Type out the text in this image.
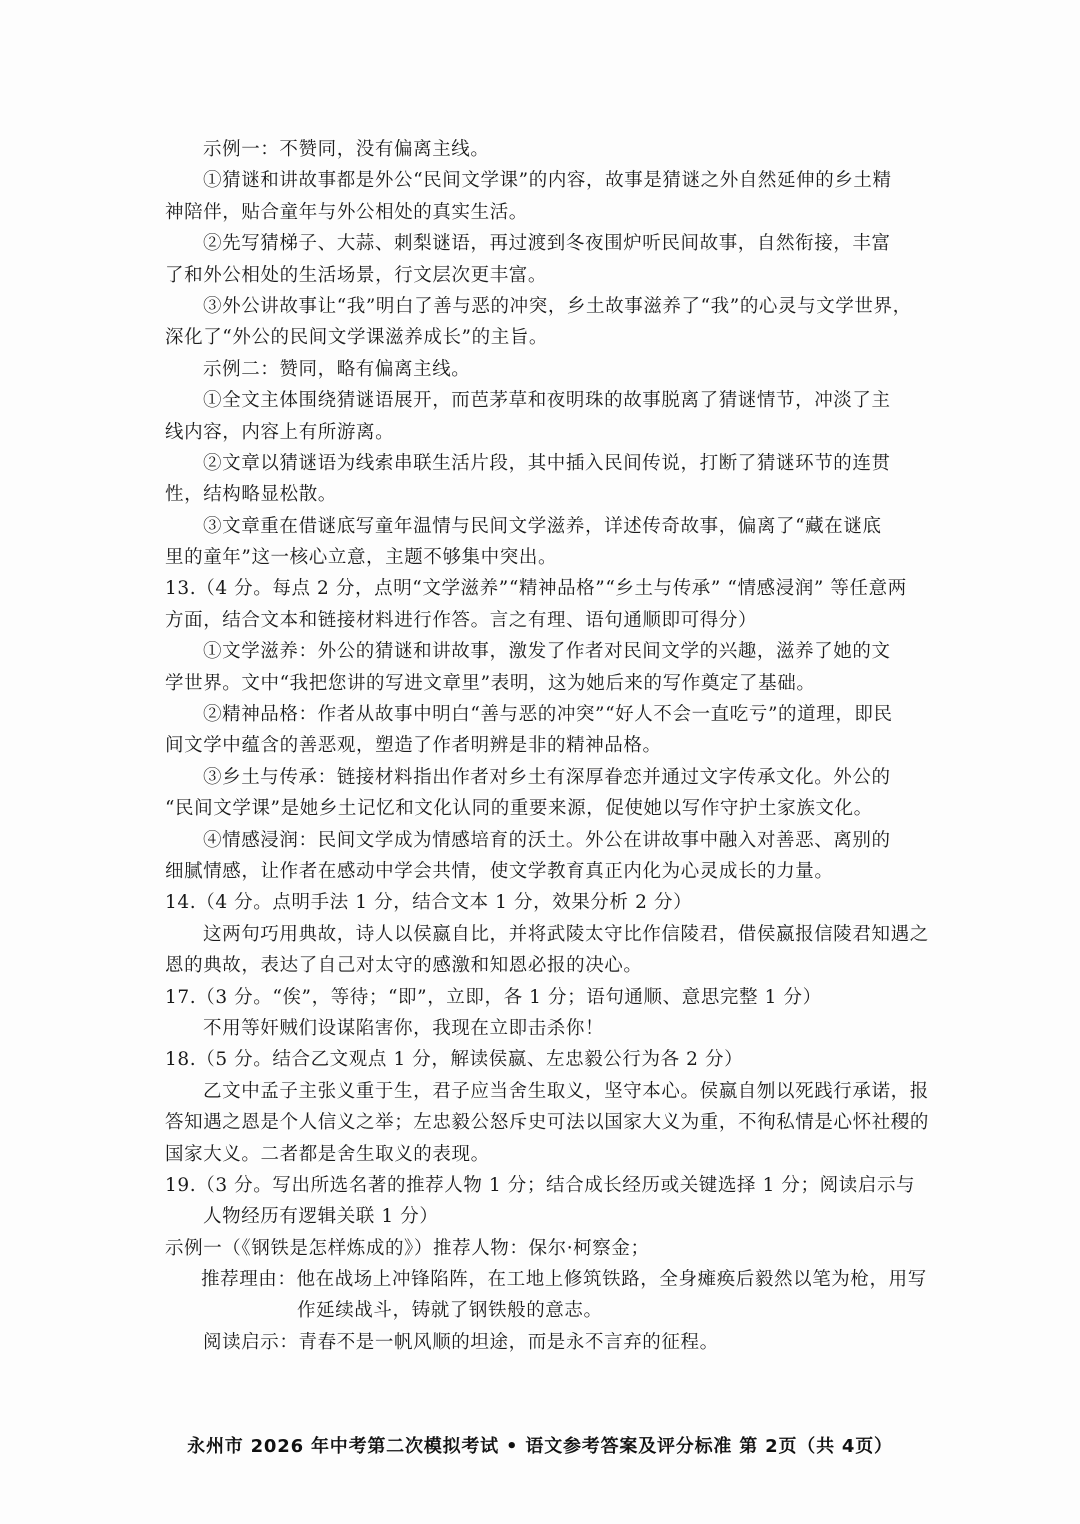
示例一：不赞同，没有偏离主线。
①猜谜和讲故事都是外公“民间文学课”的内容，故事是猜谜之外自然延伸的乡土精
神陪伴，贴合童年与外公相处的真实生活。
②先写猜梯子、大蒜、刺梨谜语，再过渡到冬夜围炉听民间故事，自然衔接，丰富
了和外公相处的生活场景，行文层次更丰富。
③外公讲故事让“我”明白了善与恶的冲突，乡土故事滋养了“我”的心灵与文学世界，
深化了“外公的民间文学课滋养成长”的主旨。
示例二：赞同，略有偏离主线。
①全文主体围绕猜谜语展开，而芭茅草和夜明珠的故事脱离了猜谜情节，冲淡了主
线内容，内容上有所游离。
②文章以猜谜语为线索串联生活片段，其中插入民间传说，打断了猜谜环节的连贯
性，结构略显松散。
③文章重在借谜底写童年温情与民间文学滋养，详述传奇故事，偏离了“藏在谜底
里的童年”这一核心立意，主题不够集中突出。
13.（4 分。每点 2 分，点明“文学滋养”“精神品格”“乡土与传承” “情感浸润” 等任意两
方面，结合文本和链接材料进行作答。言之有理、语句通顺即可得分）
①文学滋养：外公的猜谜和讲故事，激发了作者对民间文学的兴趣，滋养了她的文
学世界。文中“我把您讲的写进文章里”表明，这为她后来的写作奠定了基础。
②精神品格：作者从故事中明白“善与恶的冲突”“好人不会一直吃亏”的道理，即民
间文学中蕴含的善恶观，塑造了作者明辨是非的精神品格。
③乡土与传承：链接材料指出作者对乡土有深厚眷恋并通过文字传承文化。外公的
“民间文学课”是她乡土记忆和文化认同的重要来源，促使她以写作守护土家族文化。
④情感浸润：民间文学成为情感培育的沃土。外公在讲故事中融入对善恶、离别的
细腻情感，让作者在感动中学会共情，使文学教育真正内化为心灵成长的力量。
14.（4 分。点明手法 1 分，结合文本 1 分，效果分析 2 分）
这两句巧用典故，诗人以侯嬴自比，并将武陵太守比作信陵君，借侯嬴报信陵君知遇之
恩的典故，表达了自己对太守的感激和知恩必报的决心。
17.（3 分。“俟”，等待；“即”，立即，各 1 分；语句通顺、意思完整 1 分）
不用等奸贼们设谋陷害你，我现在立即击杀你！
18.（5 分。结合乙文观点 1 分，解读侯嬴、左忠毅公行为各 2 分）
乙文中孟子主张义重于生，君子应当舍生取义，坚守本心。侯嬴自刎以死践行承诺，报
答知遇之恩是个人信义之举；左忠毅公怒斥史可法以国家大义为重，不徇私情是心怀社稷的
国家大义。二者都是舍生取义的表现。
19.（3 分。写出所选名著的推荐人物 1 分；结合成长经历或关键选择 1 分；阅读启示与
人物经历有逻辑关联 1 分）
示例一（《钢铁是怎样炼成的》）推荐人物：保尔·柯察金；
推荐理由：他在战场上冲锋陷阵，在工地上修筑铁路，全身瘫痪后毅然以笔为枪，用写
作延续战斗，铸就了钢铁般的意志。
阅读启示：青春不是一帆风顺的坦途，而是永不言弃的征程。
永州市 2026 年中考第二次模拟考试 • 语文参考答案及评分标准 第 2页（共 4页）
